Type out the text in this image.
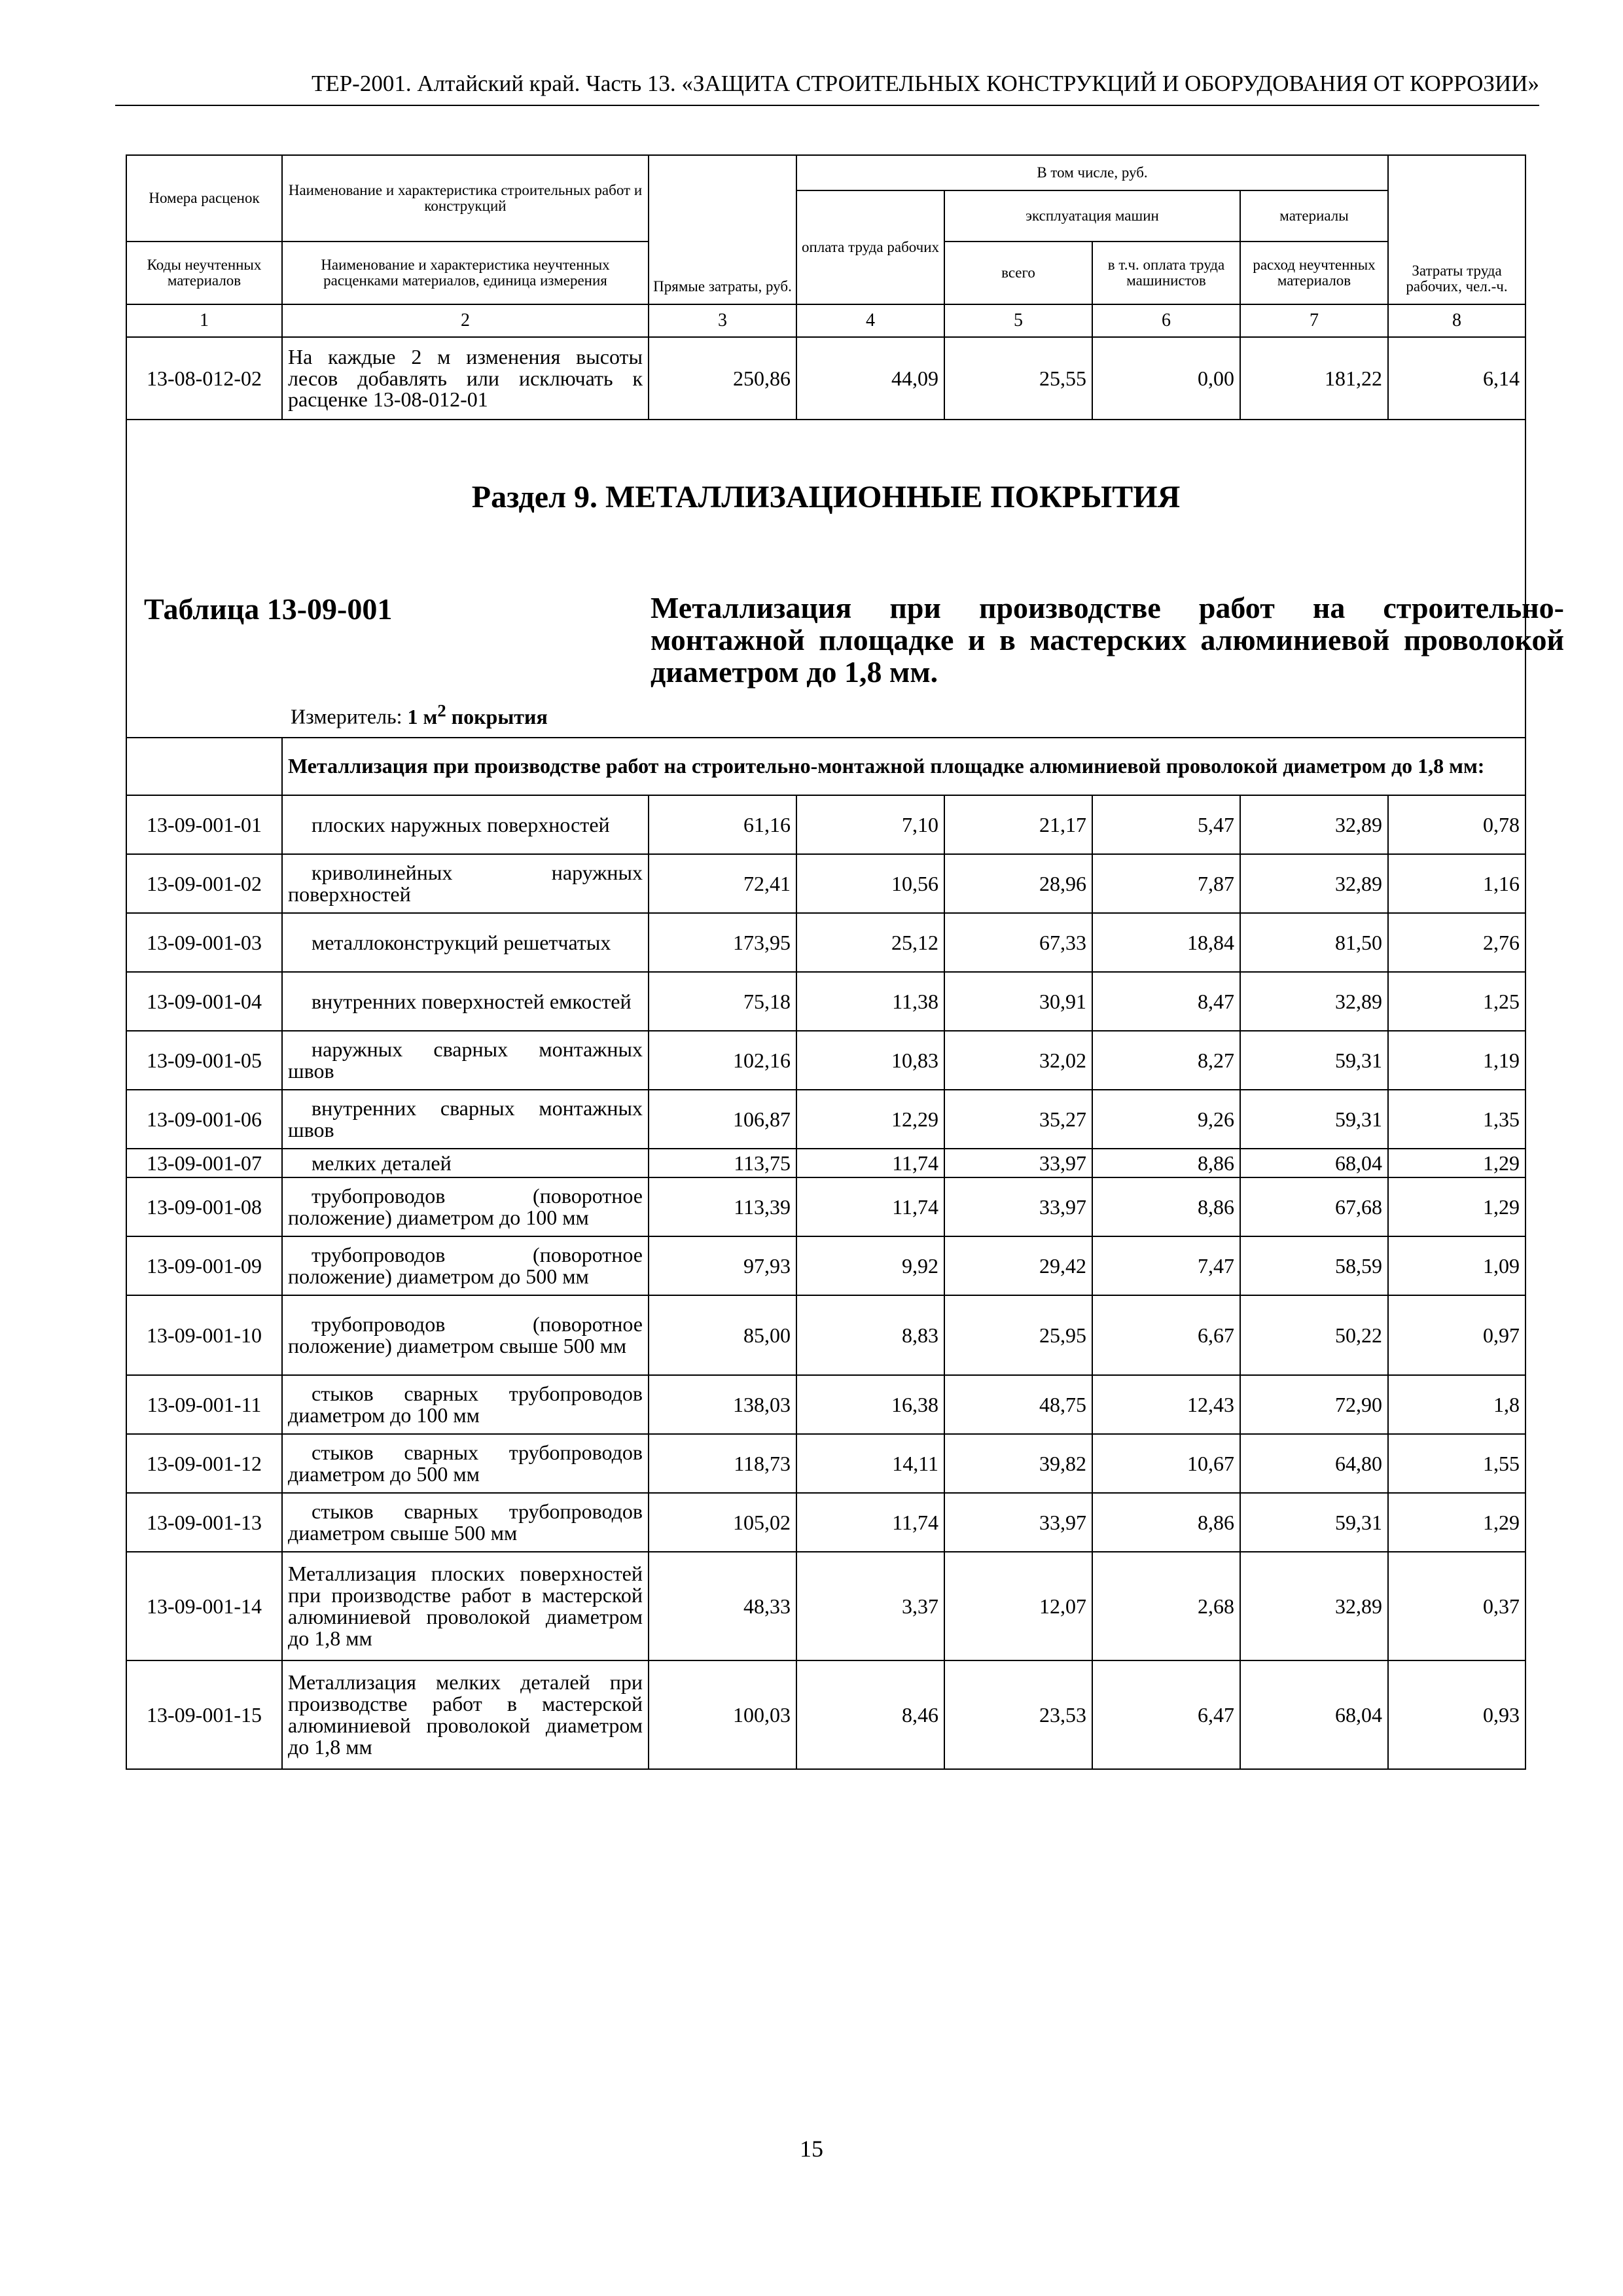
ТЕР-2001. Алтайский край. Часть 13. «ЗАЩИТА СТРОИТЕЛЬНЫХ КОНСТРУКЦИЙ И ОБОРУДОВАНИЯ ОТ КОРРОЗИИ»
Номера расценок	Наименование и характеристика строительных работ и конструкций	Прямые затраты, руб.	В том числе, руб.				Затраты труда рабочих, чел.-ч.
			оплата труда рабочих	эксплуатация машин		материалы	
Коды неучтенных материалов	Наименование и характеристика неучтенных расценками материалов, единица измерения			всего	в т.ч. оплата труда машинистов	расход неучтенных материалов	
1	2	3	4	5	6	7	8
13-08-012-02	На каждые 2 м изменения высоты лесов добавлять или исключать к расценке 13-08-012-01	250,86	44,09	25,55	0,00	181,22	6,14

Раздел 9. МЕТАЛЛИЗАЦИОННЫЕ ПОКРЫТИЯ
Таблица 13-09-001 Металлизация при производстве работ на строительно-монтажной площадке и в мастерских алюминиевой проволокой диаметром до 1,8 мм.
Измеритель: 1 $м^2$ покрытия							

	Металлизация при производстве работ на строительно-монтажной площадке алюминиевой проволокой диаметром до 1,8 мм:						
13-09-001-01	плоских наружных поверхностей	61,16	7,10	21,17	5,47	32,89	0,78
13-09-001-02	криволинейных наружных поверхностей	72,41	10,56	28,96	7,87	32,89	1,16
13-09-001-03	металлоконструкций решетчатых	173,95	25,12	67,33	18,84	81,50	2,76
13-09-001-04	внутренних поверхностей емкостей	75,18	11,38	30,91	8,47	32,89	1,25
13-09-001-05	наружных сварных монтажных швов	102,16	10,83	32,02	8,27	59,31	1,19
13-09-001-06	внутренних сварных монтажных швов	106,87	12,29	35,27	9,26	59,31	1,35
13-09-001-07	мелких деталей	113,75	11,74	33,97	8,86	68,04	1,29
13-09-001-08	трубопроводов (поворотное положение) диаметром до 100 мм	113,39	11,74	33,97	8,86	67,68	1,29
13-09-001-09	трубопроводов (поворотное положение) диаметром до 500 мм	97,93	9,92	29,42	7,47	58,59	1,09
13-09-001-10	трубопроводов (поворотное положение) диаметром свыше 500 мм	85,00	8,83	25,95	6,67	50,22	0,97
13-09-001-11	стыков сварных трубопроводов диаметром до 100 мм	138,03	16,38	48,75	12,43	72,90	1,8
13-09-001-12	стыков сварных трубопроводов диаметром до 500 мм	118,73	14,11	39,82	10,67	64,80	1,55
13-09-001-13	стыков сварных трубопроводов диаметром свыше 500 мм	105,02	11,74	33,97	8,86	59,31	1,29
13-09-001-14	Металлизация плоских поверхностей при производстве работ в мастерской алюминиевой проволокой диаметром до 1,8 мм	48,33	3,37	12,07	2,68	32,89	0,37
13-09-001-15	Металлизация мелких деталей при производстве работ в мастерской алюминиевой проволокой диаметром до 1,8 мм	100,03	8,46	23,53	6,47	68,04	0,93
15
